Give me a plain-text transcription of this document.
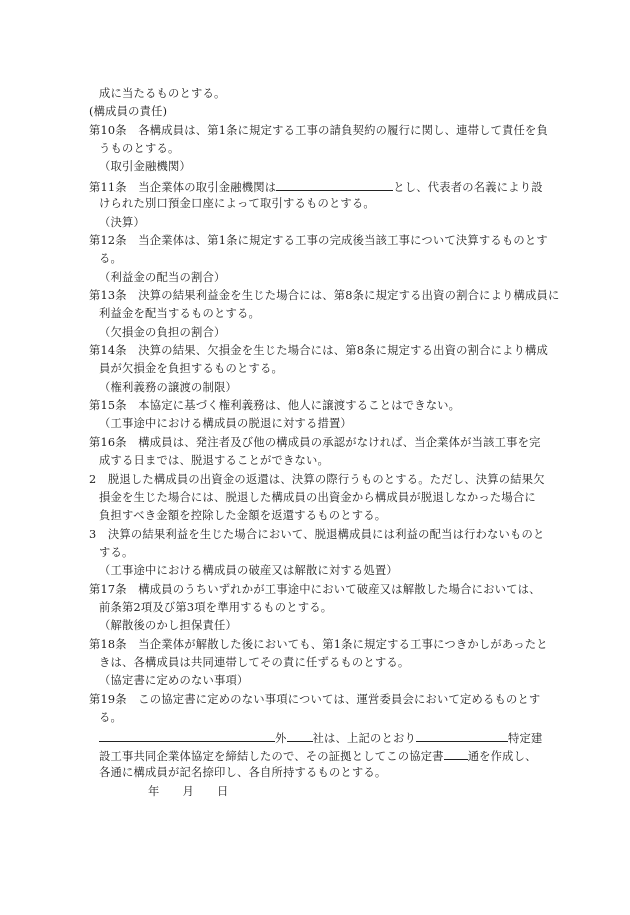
成に当たるものとする。
(構成員の責任)
第10条　各構成員は、第1条に規定する工事の請負契約の履行に関し、連帯して責任を負
うものとする。
（取引金融機関）
第11条　当企業体の取引金融機関は	とし、代表者の名義により設
けられた別口預金口座によって取引するものとする。
（決算）
第12条　当企業体は、第1条に規定する工事の完成後当該工事について決算するものとす
る。
（利益金の配当の割合）
第13条　決算の結果利益金を生じた場合には、第8条に規定する出資の割合により構成員に
利益金を配当するものとする。
（欠損金の負担の割合）
第14条　決算の結果、欠損金を生じた場合には、第8条に規定する出資の割合により構成
員が欠損金を負担するものとする。
（権利義務の譲渡の制限）
第15条　本協定に基づく権利義務は、他人に譲渡することはできない。
（工事途中における構成員の脱退に対する措置）
第16条　構成員は、発注者及び他の構成員の承認がなければ、当企業体が当該工事を完
成する日までは、脱退することができない。
2　脱退した構成員の出資金の返還は、決算の際行うものとする。ただし、決算の結果欠
損金を生じた場合には、脱退した構成員の出資金から構成員が脱退しなかった場合に
負担すべき金額を控除した金額を返還するものとする。
3　決算の結果利益を生じた場合において、脱退構成員には利益の配当は行わないものと
する。
（工事途中における構成員の破産又は解散に対する処置）
第17条　構成員のうちいずれかが工事途中において破産又は解散した場合においては、
前条第2項及び第3項を準用するものとする。
（解散後のかし担保責任）
第18条　当企業体が解散した後においても、第1条に規定する工事につきかしがあったと
きは、各構成員は共同連帯してその責に任ずるものとする。
（協定書に定めのない事項）
第19条　この協定書に定めのない事項については、運営委員会において定めるものとす
る。
外 社は、上記のとおり	特定建
設工事共同企業体協定を締結したので、その証拠としてこの協定書 通を作成し、
各通に構成員が記名捺印し、各自所持するものとする。
年　　月　　日
